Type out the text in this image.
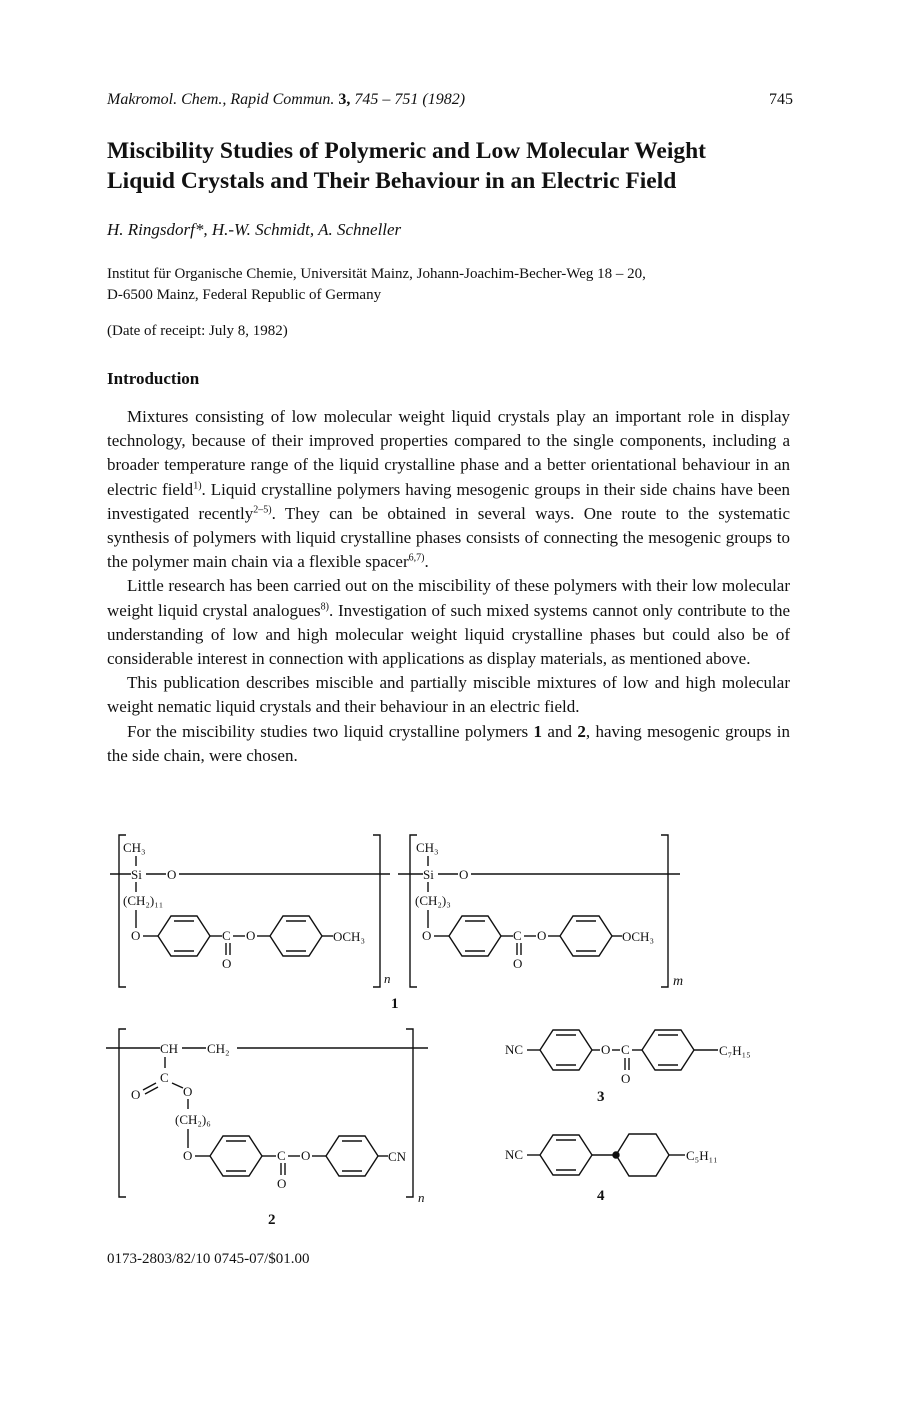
Makromol. Chem., Rapid Commun. 3, 745 – 751 (1982)	745
Miscibility Studies of Polymeric and Low Molecular Weight
Liquid Crystals and Their Behaviour in an Electric Field
H. Ringsdorf*, H.-W. Schmidt, A. Schneller
Institut für Organische Chemie, Universität Mainz, Johann-Joachim-Becher-Weg 18 – 20,
D-6500 Mainz, Federal Republic of Germany
(Date of receipt: July 8, 1982)
Introduction

Mixtures consisting of low molecular weight liquid crystals play an important role in display technology, because of their improved properties compared to the single components, including a broader temperature range of the liquid crystalline phase and a better orientational behaviour in an electric field$^{1)}$. Liquid crystalline polymers having mesogenic groups in their side chains have been investigated recently$^{2-5)}$. They can be obtained in several ways. One route to the systematic synthesis of polymers with liquid crystalline phases consists of connecting the mesogenic groups to the polymer main chain via a flexible spacer$^{6,7)}$.

Little research has been carried out on the miscibility of these polymers with their low molecular weight liquid crystal analogues$^{8)}$. Investigation of such mixed systems cannot only contribute to the understanding of low and high molecular weight liquid crystalline phases but could also be of considerable interest in connection with applications as display materials, as mentioned above.

This publication describes miscible and partially miscible mixtures of low and high molecular weight nematic liquid crystals and their behaviour in an electric field.

For the miscibility studies two liquid crystalline polymers 1 and 2, having mesogenic groups in the side chain, were chosen.

CH₃
Si O
(CH₂)₁₁
O	C
O
O	OCH₃
n
CH₃
Si O
(CH₂)₃
O	C
O
O	OCH₃
m
1
CH CH₂
C
O	O
(CH₂)₆
O	C
O
O	CN
n
2
NC	O C
O
C₇H₁₅
3
NC	C₅H₁₁
4
0173-2803/82/10 0745-07/$01.00
